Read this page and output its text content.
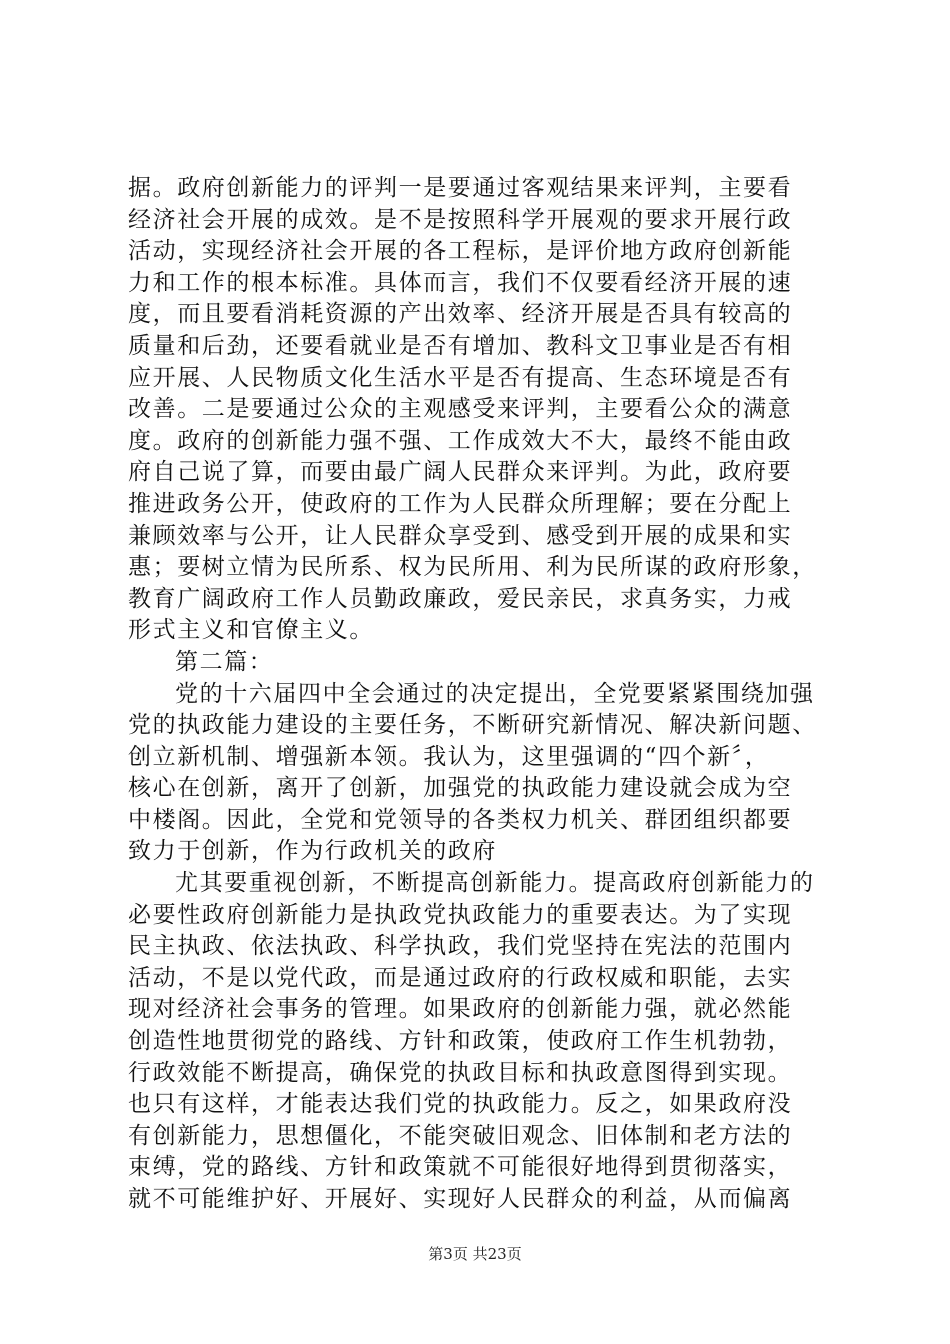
据。政府创新能力的评判一是要通过客观结果来评判，主要看
经济社会开展的成效。是不是按照科学开展观的要求开展行政
活动，实现经济社会开展的各工程标，是评价地方政府创新能
力和工作的根本标准。具体而言，我们不仅要看经济开展的速
度，而且要看消耗资源的产出效率、经济开展是否具有较高的
质量和后劲，还要看就业是否有增加、教科文卫事业是否有相
应开展、人民物质文化生活水平是否有提高、生态环境是否有
改善。二是要通过公众的主观感受来评判，主要看公众的满意
度。政府的创新能力强不强、工作成效大不大，最终不能由政
府自己说了算，而要由最广阔人民群众来评判。为此，政府要
推进政务公开，使政府的工作为人民群众所理解；要在分配上
兼顾效率与公开，让人民群众享受到、感受到开展的成果和实
惠；要树立情为民所系、权为民所用、利为民所谋的政府形象，
教育广阔政府工作人员勤政廉政，爱民亲民，求真务实，力戒
形式主义和官僚主义。
第二篇：
党的十六届四中全会通过的决定提出，全党要紧紧围绕加强
党的执政能力建设的主要任务，不断研究新情况、解决新问题、
创立新机制、增强新本领。我认为，这里强调的“四个新〞，
核心在创新，离开了创新，加强党的执政能力建设就会成为空
中楼阁。因此，全党和党领导的各类权力机关、群团组织都要
致力于创新，作为行政机关的政府
尤其要重视创新，不断提高创新能力。提高政府创新能力的
必要性政府创新能力是执政党执政能力的重要表达。为了实现
民主执政、依法执政、科学执政，我们党坚持在宪法的范围内
活动，不是以党代政，而是通过政府的行政权威和职能，去实
现对经济社会事务的管理。如果政府的创新能力强，就必然能
创造性地贯彻党的路线、方针和政策，使政府工作生机勃勃，
行政效能不断提高，确保党的执政目标和执政意图得到实现。
也只有这样，才能表达我们党的执政能力。反之，如果政府没
有创新能力，思想僵化，不能突破旧观念、旧体制和老方法的
束缚，党的路线、方针和政策就不可能很好地得到贯彻落实，
就不可能维护好、开展好、实现好人民群众的利益，从而偏离
第3页 共23页
